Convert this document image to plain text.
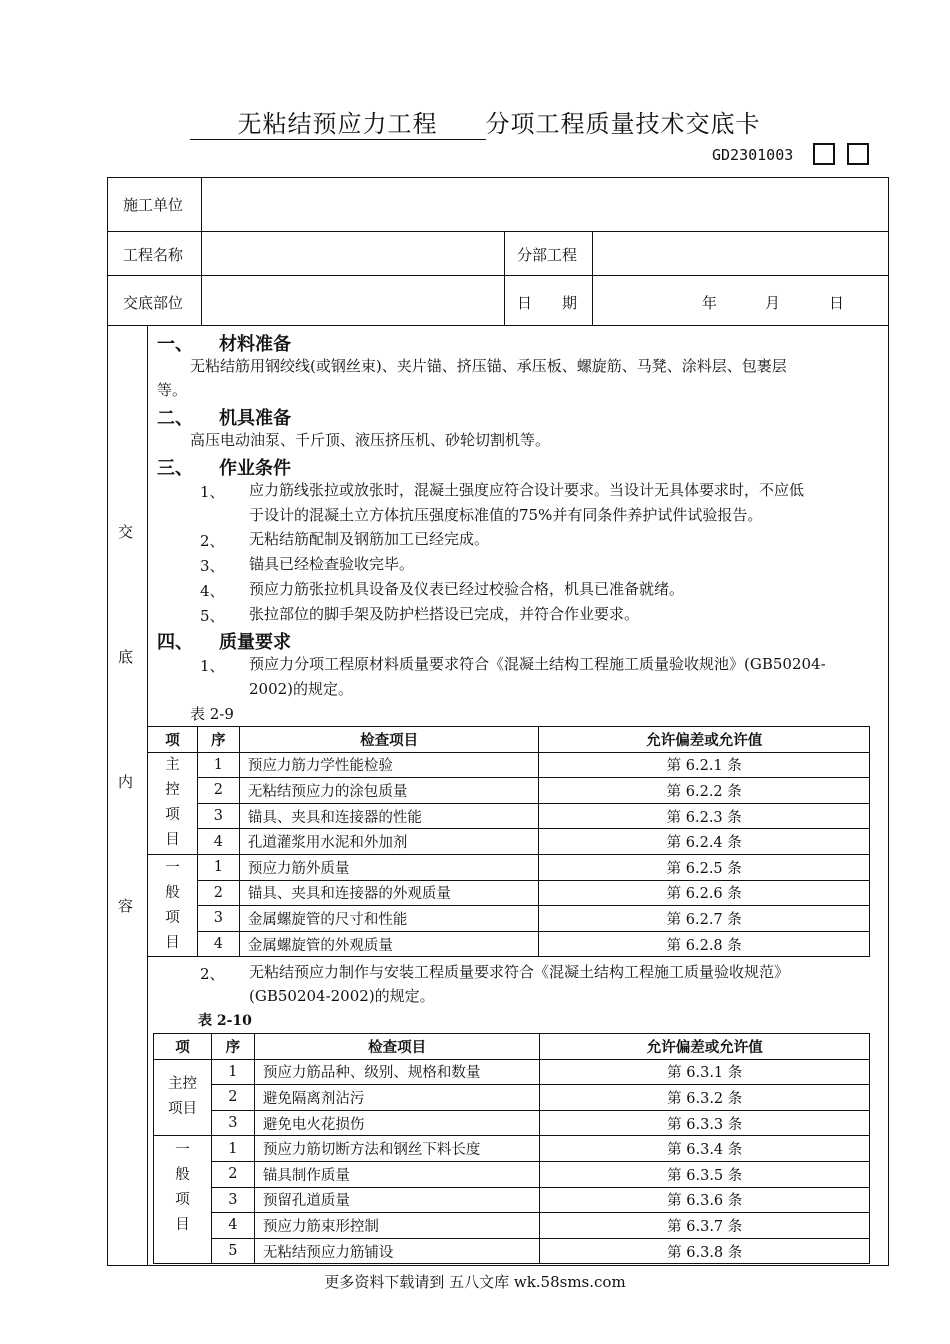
无粘结预应力工程 分项工程质量技术交底卡
GD2301003
施工单位
工程名称	分部工程
交底部位	日　　期	年	月	日
交
底
内
容
一、 材料准备
无粘结筋用钢绞线(或钢丝束)、夹片锚、挤压锚、承压板、螺旋筋、马凳、涂料层、包裹层
等。
二、 机具准备
高压电动油泵、千斤顶、液压挤压机、砂轮切割机等。
三、 作业条件
1、 应力筋线张拉或放张时，混凝土强度应符合设计要求。当设计无具体要求时，不应低
于设计的混凝土立方体抗压强度标准值的75%并有同条件养护试件试验报告。
2、 无粘结筋配制及钢筋加工已经完成。
3、 锚具已经检查验收完毕。
4、 预应力筋张拉机具设备及仪表已经过校验合格，机具已准备就绪。
5、 张拉部位的脚手架及防护栏搭设已完成，并符合作业要求。
四、 质量要求
1、 预应力分项工程原材料质量要求符合《混凝土结构工程施工质量验收规池》(GB50204-
2002)的规定。
表 2-9
项	序	检查项目	允许偏差或允许值

主
控
项
目	1	预应力筋力学性能检验	第 6.2.1 条
	2	无粘结预应力的涂包质量	第 6.2.2 条
	3	锚具、夹具和连接器的性能	第 6.2.3 条
	4	孔道灌浆用水泥和外加剂	第 6.2.4 条

一
般
项
目	1	预应力筋外质量	第 6.2.5 条
	2	锚具、夹具和连接器的外观质量	第 6.2.6 条
	3	金属螺旋管的尺寸和性能	第 6.2.7 条
	4	金属螺旋管的外观质量	第 6.2.8 条
2、 无粘结预应力制作与安装工程质量要求符合《混凝土结构工程施工质量验收规范》
(GB50204-2002)的规定。
表 2-10
项	序	检查项目	允许偏差或允许值

主控
项目	1	预应力筋品种、级别、规格和数量	第 6.3.1 条
	2	避免隔离剂沾污	第 6.3.2 条
	3	避免电火花损伤	第 6.3.3 条

一
般
项
目	1	预应力筋切断方法和钢丝下料长度	第 6.3.4 条
	2	锚具制作质量	第 6.3.5 条
	3	预留孔道质量	第 6.3.6 条
	4	预应力筋束形控制	第 6.3.7 条
	5	无粘结预应力筋铺设	第 6.3.8 条
更多资料下载请到 五八文库 wk.58sms.com
